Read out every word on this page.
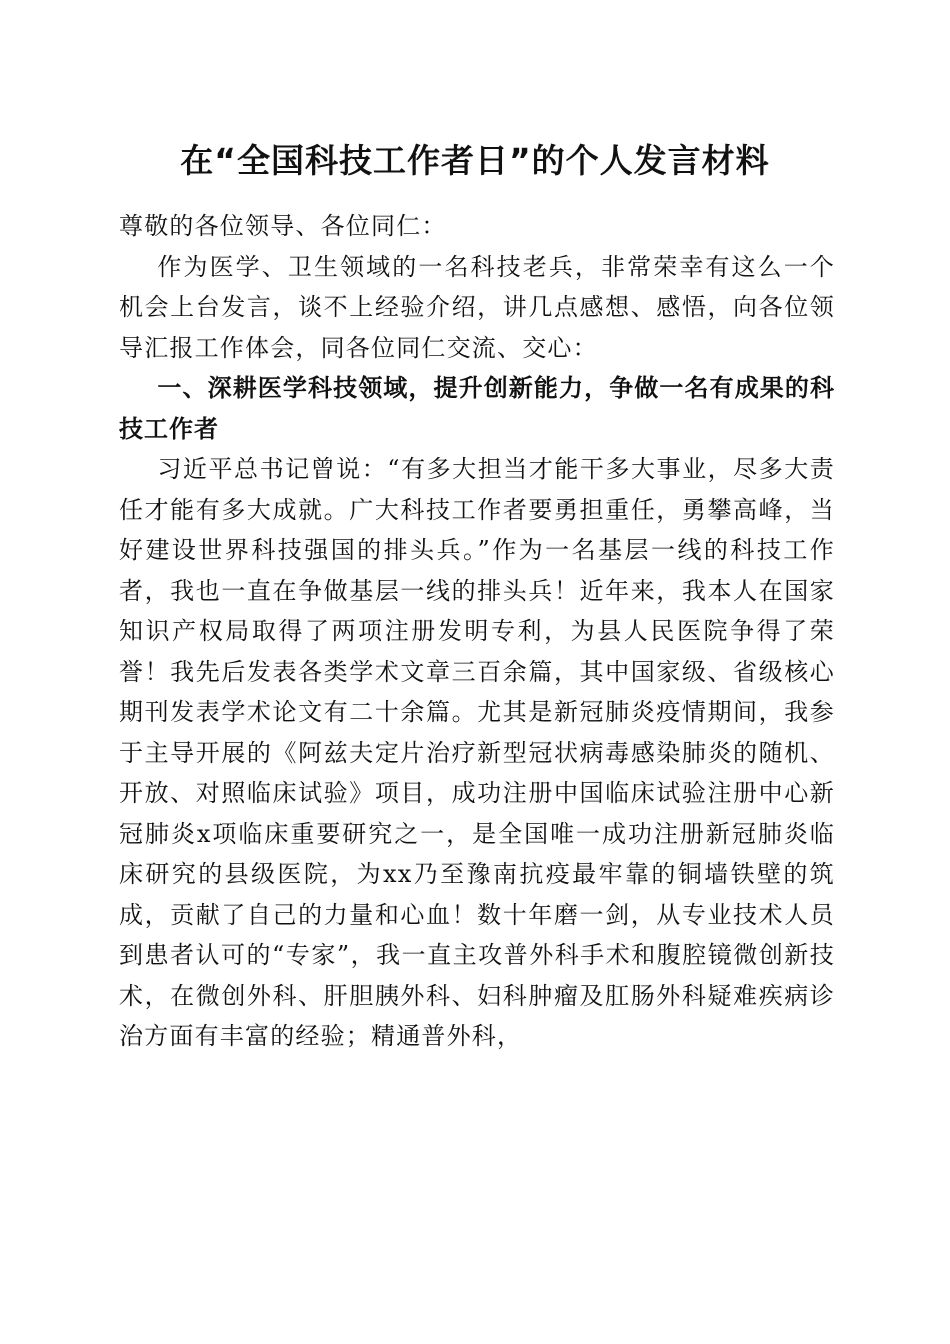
在“全国科技工作者日”的个人发言材料

尊敬的各位领导、各位同仁：

作为医学、卫生领域的一名科技老兵，非常荣幸有这么一个机会上台发言，谈不上经验介绍，讲几点感想、感悟，向各位领导汇报工作体会，同各位同仁交流、交心：

一、深耕医学科技领域，提升创新能力，争做一名有成果的科技工作者

习近平总书记曾说：“有多大担当才能干多大事业，尽多大责任才能有多大成就。广大科技工作者要勇担重任，勇攀高峰，当好建设世界科技强国的排头兵。”作为一名基层一线的科技工作者，我也一直在争做基层一线的排头兵！近年来，我本人在国家知识产权局取得了两项注册发明专利，为县人民医院争得了荣誉！我先后发表各类学术文章三百余篇，其中国家级、省级核心期刊发表学术论文有二十余篇。尤其是新冠肺炎疫情期间，我参于主导开展的《阿兹夫定片治疗新型冠状病毒感染肺炎的随机、开放、对照临床试验》项目，成功注册中国临床试验注册中心新冠肺炎x项临床重要研究之一，是全国唯一成功注册新冠肺炎临床研究的县级医院，为xx乃至豫南抗疫最牢靠的铜墙铁壁的筑成，贡献了自己的力量和心血！数十年磨一剑，从专业技术人员到患者认可的“专家”，我一直主攻普外科手术和腹腔镜微创新技术，在微创外科、肝胆胰外科、妇科肿瘤及肛肠外科疑难疾病诊治方面有丰富的经验；精通普外科，
